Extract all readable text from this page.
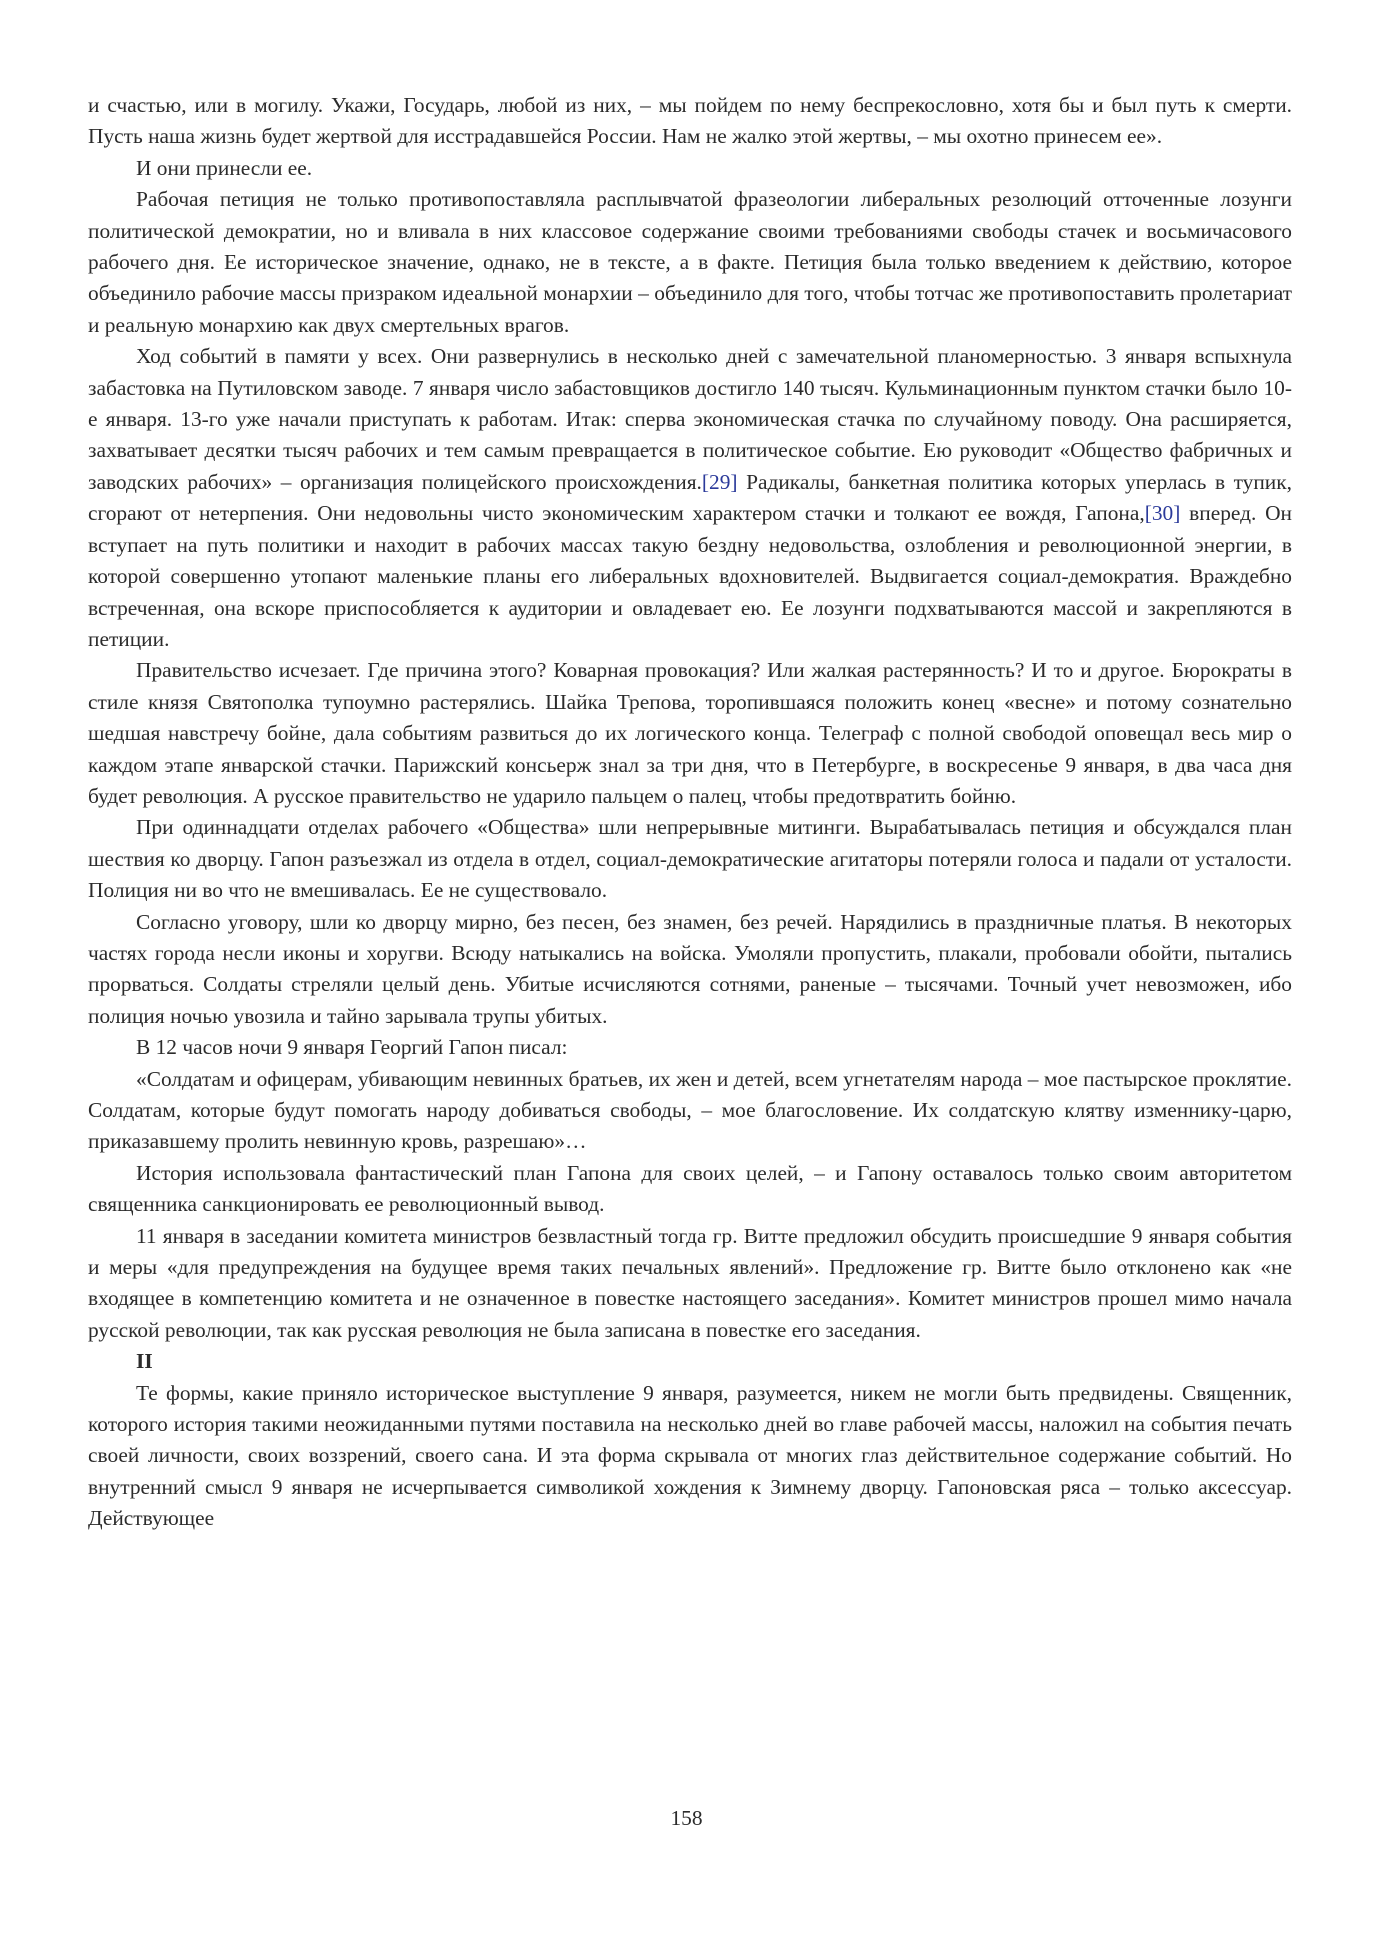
и счастью, или в могилу. Укажи, Государь, любой из них, – мы пойдем по нему беспрекословно, хотя бы и был путь к смерти. Пусть наша жизнь будет жертвой для исстрадавшейся России. Нам не жалко этой жертвы, – мы охотно принесем ее».

И они принесли ее.

Рабочая петиция не только противопоставляла расплывчатой фразеологии либеральных резолюций отточенные лозунги политической демократии, но и вливала в них классовое содержание своими требованиями свободы стачек и восьмичасового рабочего дня. Ее историческое значение, однако, не в тексте, а в факте. Петиция была только введением к действию, которое объединило рабочие массы призраком идеальной монархии – объединило для того, чтобы тотчас же противопоставить пролетариат и реальную монархию как двух смертельных врагов.

Ход событий в памяти у всех. Они развернулись в несколько дней с замечательной планомерностью. 3 января вспыхнула забастовка на Путиловском заводе. 7 января число забастовщиков достигло 140 тысяч. Кульминационным пунктом стачки было 10-е января. 13-го уже начали приступать к работам. Итак: сперва экономическая стачка по случайному поводу. Она расширяется, захватывает десятки тысяч рабочих и тем самым превращается в политическое событие. Ею руководит «Общество фабричных и заводских рабочих» – организация полицейского происхождения.[29] Радикалы, банкетная политика которых уперлась в тупик, сгорают от нетерпения. Они недовольны чисто экономическим характером стачки и толкают ее вождя, Гапона,[30] вперед. Он вступает на путь политики и находит в рабочих массах такую бездну недовольства, озлобления и революционной энергии, в которой совершенно утопают маленькие планы его либеральных вдохновителей. Выдвигается социал-демократия. Враждебно встреченная, она вскоре приспособляется к аудитории и овладевает ею. Ее лозунги подхватываются массой и закрепляются в петиции.

Правительство исчезает. Где причина этого? Коварная провокация? Или жалкая растерянность? И то и другое. Бюрократы в стиле князя Святополка тупоумно растерялись. Шайка Трепова, торопившаяся положить конец «весне» и потому сознательно шедшая навстречу бойне, дала событиям развиться до их логического конца. Телеграф с полной свободой оповещал весь мир о каждом этапе январской стачки. Парижский консьерж знал за три дня, что в Петербурге, в воскресенье 9 января, в два часа дня будет революция. А русское правительство не ударило пальцем о палец, чтобы предотвратить бойню.

При одиннадцати отделах рабочего «Общества» шли непрерывные митинги. Вырабатывалась петиция и обсуждался план шествия ко дворцу. Гапон разъезжал из отдела в отдел, социал-демократические агитаторы потеряли голоса и падали от усталости. Полиция ни во что не вмешивалась. Ее не существовало.

Согласно уговору, шли ко дворцу мирно, без песен, без знамен, без речей. Нарядились в праздничные платья. В некоторых частях города несли иконы и хоругви. Всюду натыкались на войска. Умоляли пропустить, плакали, пробовали обойти, пытались прорваться. Солдаты стреляли целый день. Убитые исчисляются сотнями, раненые – тысячами. Точный учет невозможен, ибо полиция ночью увозила и тайно зарывала трупы убитых.

В 12 часов ночи 9 января Георгий Гапон писал:

«Солдатам и офицерам, убивающим невинных братьев, их жен и детей, всем угнетателям народа – мое пастырское проклятие. Солдатам, которые будут помогать народу добиваться свободы, – мое благословение. Их солдатскую клятву изменнику-царю, приказавшему пролить невинную кровь, разрешаю»…

История использовала фантастический план Гапона для своих целей, – и Гапону оставалось только своим авторитетом священника санкционировать ее революционный вывод.

11 января в заседании комитета министров безвластный тогда гр. Витте предложил обсудить происшедшие 9 января события и меры «для предупреждения на будущее время таких печальных явлений». Предложение гр. Витте было отклонено как «не входящее в компетенцию комитета и не означенное в повестке настоящего заседания». Комитет министров прошел мимо начала русской революции, так как русская революция не была записана в повестке его заседания.

II

Те формы, какие приняло историческое выступление 9 января, разумеется, никем не могли быть предвидены. Священник, которого история такими неожиданными путями поставила на несколько дней во главе рабочей массы, наложил на события печать своей личности, своих воззрений, своего сана. И эта форма скрывала от многих глаз действительное содержание событий. Но внутренний смысл 9 января не исчерпывается символикой хождения к Зимнему дворцу. Гапоновская ряса – только аксессуар. Действующее

158
